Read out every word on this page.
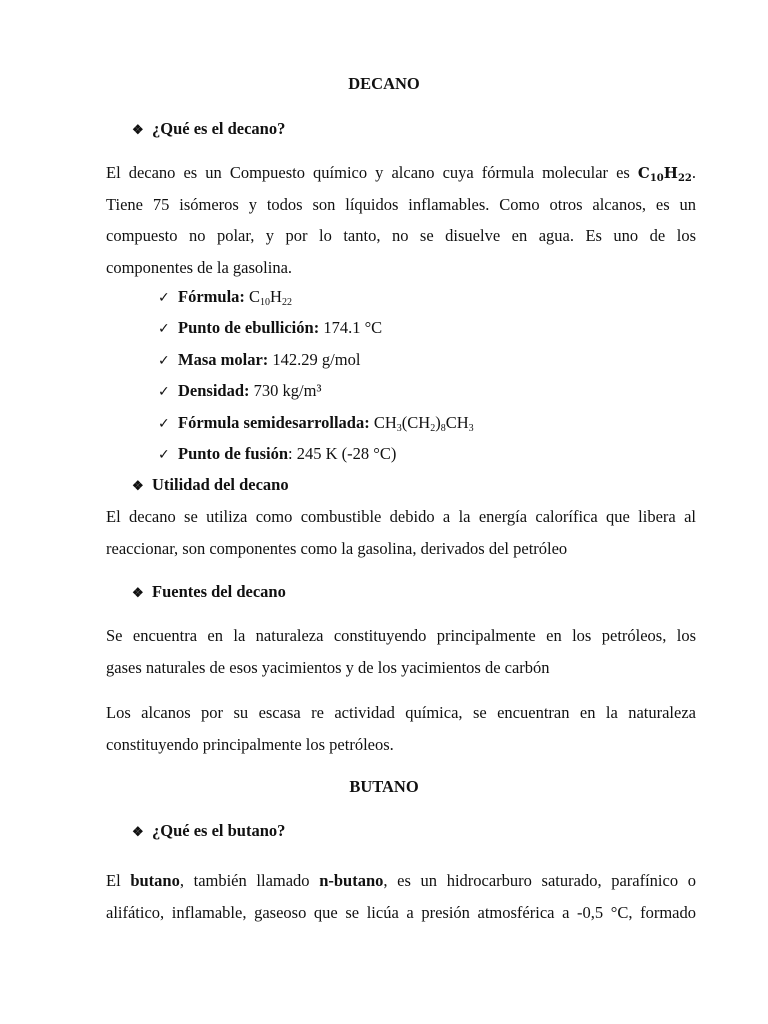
DECANO
❖ ¿Qué es el decano?
El decano es un Compuesto químico y alcano cuya fórmula molecular es $C_{10}H_{22}$.
Tiene 75 isómeros y todos son líquidos inflamables. Como otros alcanos, es un
compuesto no polar, y por lo tanto, no se disuelve en agua. Es uno de los
componentes de la gasolina.
✓ Fórmula: $C_{10}H_{22}$
✓ Punto de ebullición: 174.1 °C
✓ Masa molar: 142.29 g/mol
✓ Densidad: 730 kg/m³
✓ Fórmula semidesarrollada: $CH_3(CH_2)_8CH_3$
✓ Punto de fusión: 245 K (-28 °C)
❖ Utilidad del decano
El decano se utiliza como combustible debido a la energía calorífica que libera al
reaccionar, son componentes como la gasolina, derivados del petróleo
❖ Fuentes del decano
Se encuentra en la naturaleza constituyendo principalmente en los petróleos, los
gases naturales de esos yacimientos y de los yacimientos de carbón
Los alcanos por su escasa re actividad química, se encuentran en la naturaleza
constituyendo principalmente los petróleos.
BUTANO
❖ ¿Qué es el butano?
El butano, también llamado n-butano, es un hidrocarburo saturado, parafínico o
alifático, inflamable, gaseoso que se licúa a presión atmosférica a -0,5 °C, formado
